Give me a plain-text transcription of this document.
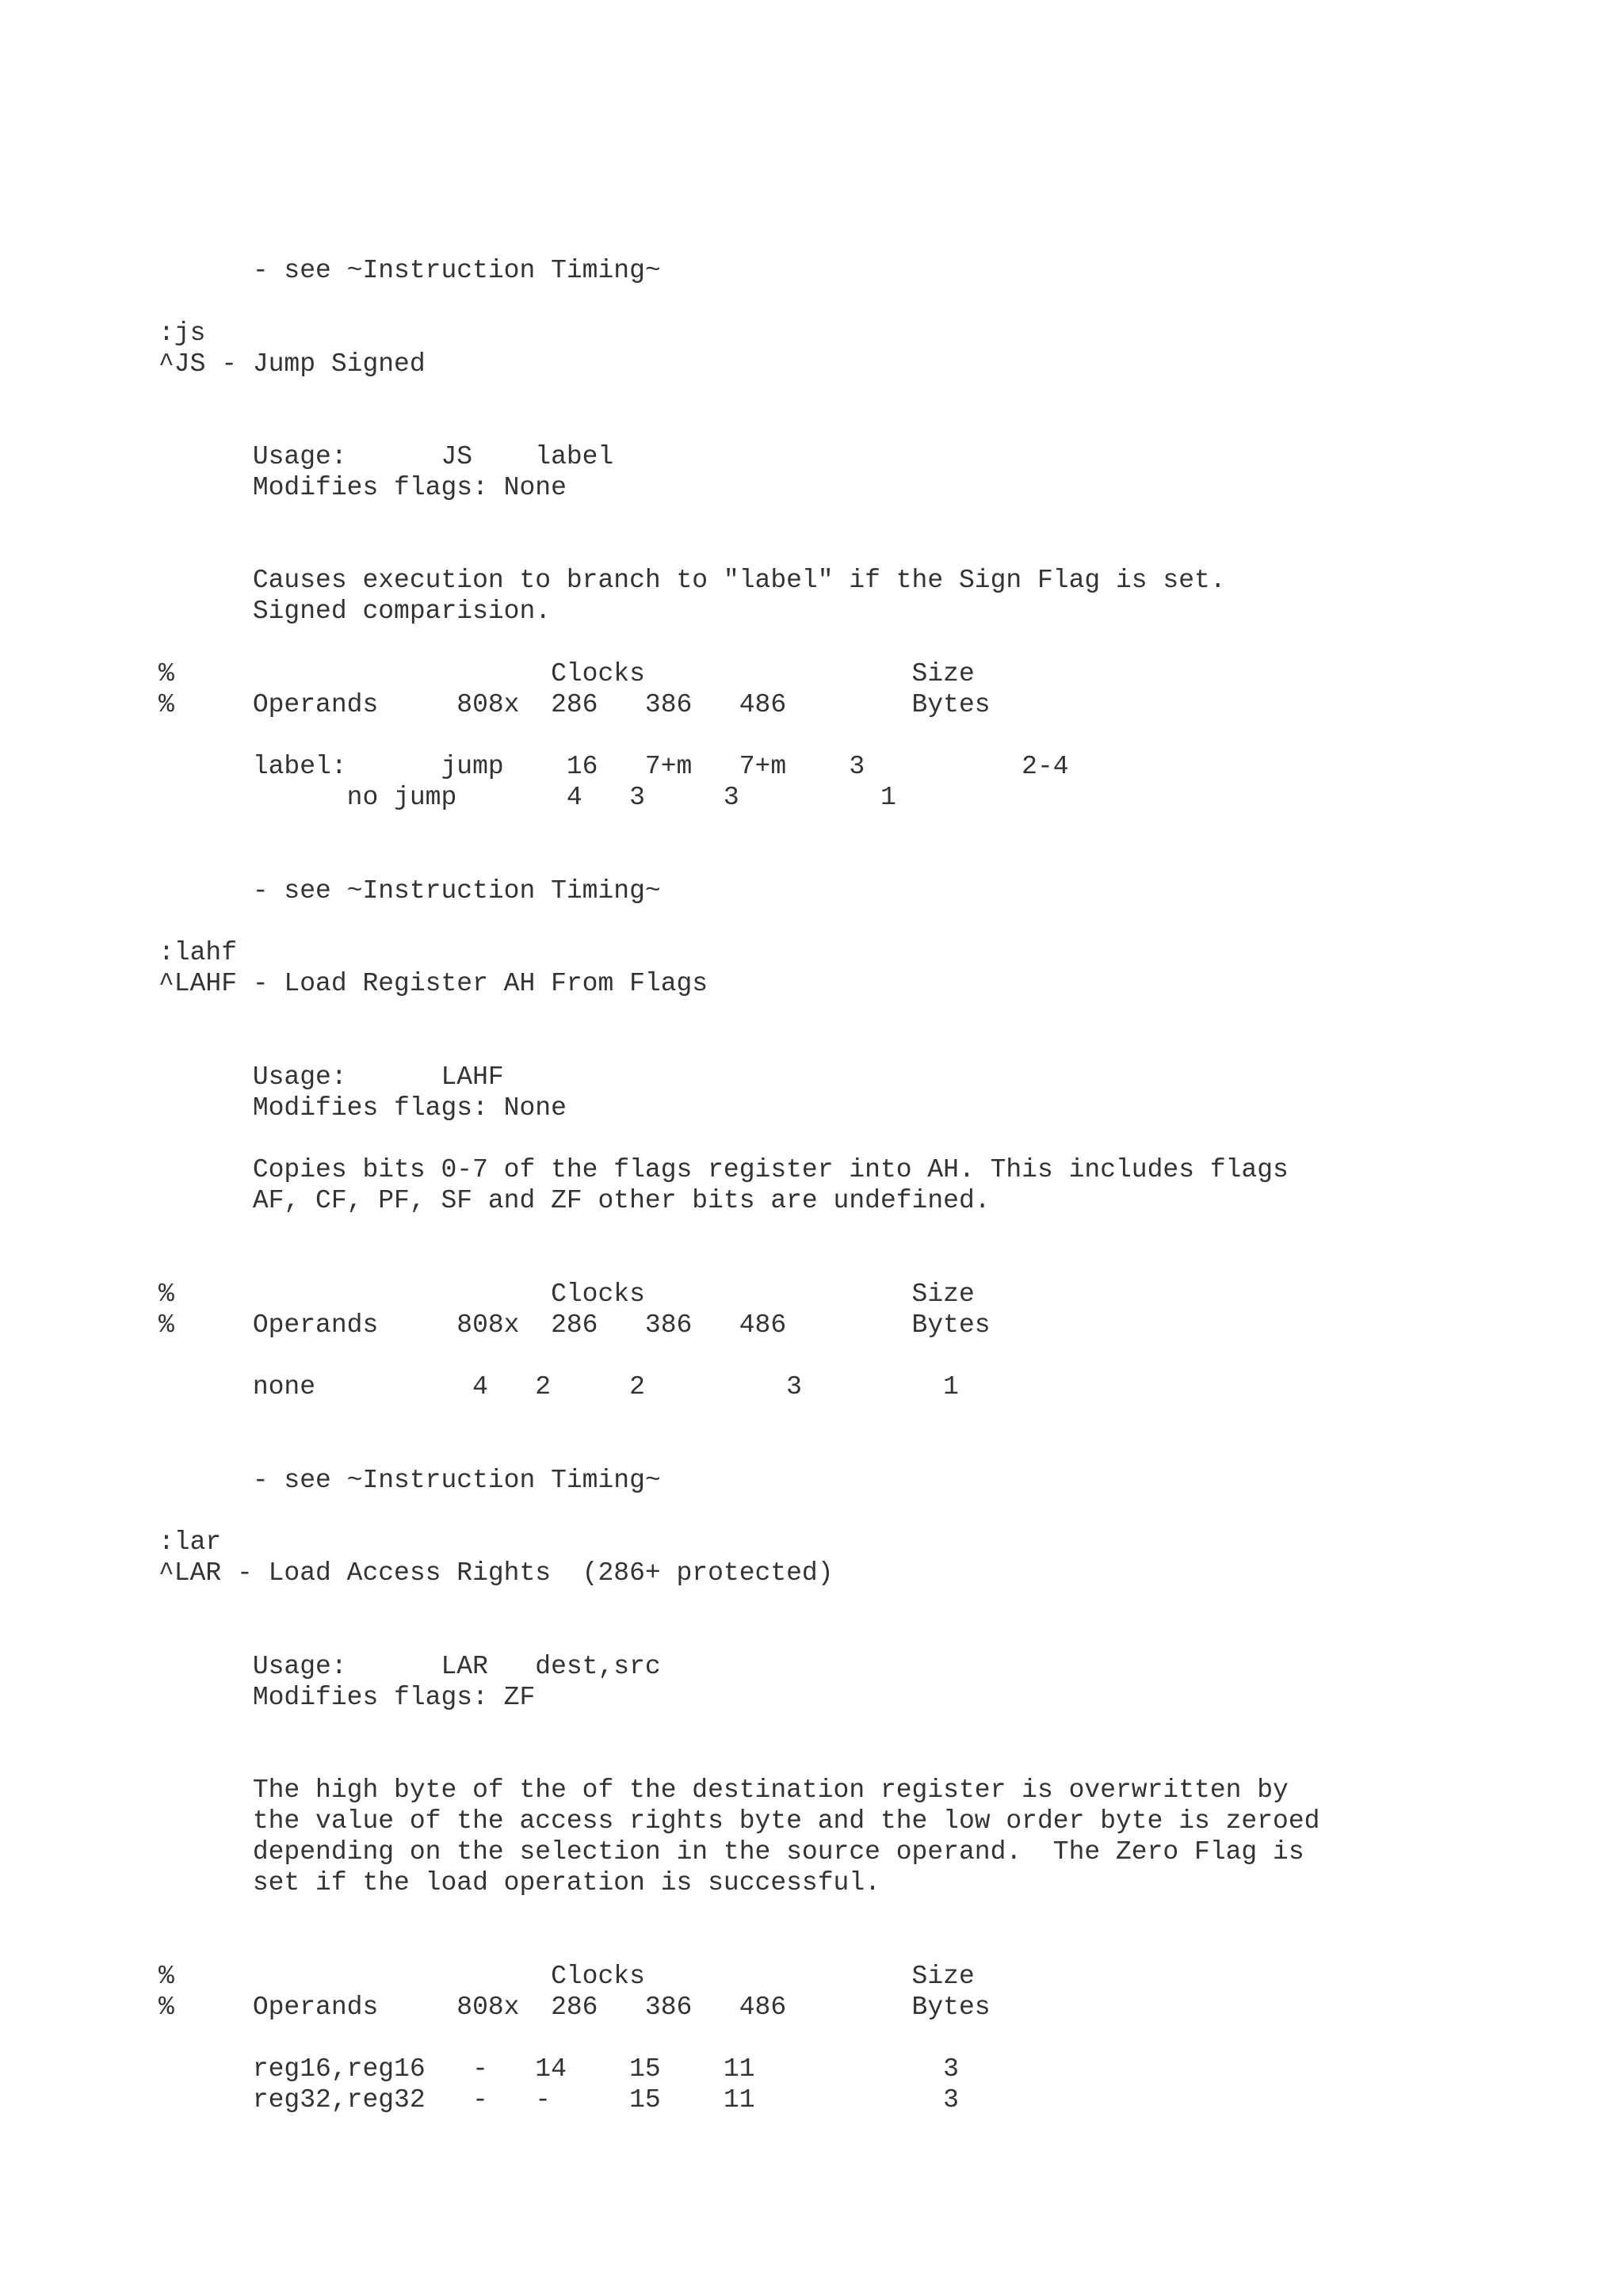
- see ~Instruction Timing~
:js
^JS - Jump Signed
Usage:      JS    label
Modifies flags: None
Causes execution to branch to "label" if the Sign Flag is set.
Signed comparision.
%                        Clocks                 Size
%     Operands     808x  286   386   486        Bytes
label:      jump    16   7+m   7+m    3          2-4
no jump       4   3     3         1
- see ~Instruction Timing~
:lahf
^LAHF - Load Register AH From Flags
Usage:      LAHF
Modifies flags: None
Copies bits 0-7 of the flags register into AH. This includes flags
AF, CF, PF, SF and ZF other bits are undefined.
%                        Clocks                 Size
%     Operands     808x  286   386   486        Bytes
none          4   2     2         3         1
- see ~Instruction Timing~
:lar
^LAR - Load Access Rights  (286+ protected)
Usage:      LAR   dest,src
Modifies flags: ZF
The high byte of the of the destination register is overwritten by
the value of the access rights byte and the low order byte is zeroed
depending on the selection in the source operand.  The Zero Flag is
set if the load operation is successful.
%                        Clocks                 Size
%     Operands     808x  286   386   486        Bytes
reg16,reg16   -   14    15    11            3
reg32,reg32   -   -     15    11            3
